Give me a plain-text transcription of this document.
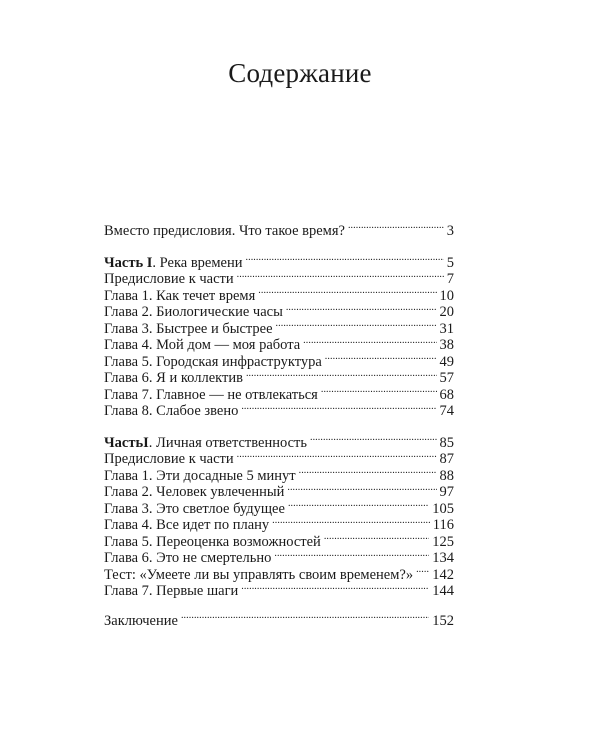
Содержание
Вместо предисловия. Что такое время? . . .	3
Часть I. Река времени . . .	5
Предисловие к части . . .	7
Глава 1. Как течет время . . .	10
Глава 2. Биологические часы . . .	20
Глава 3. Быстрее и быстрее . . .	31
Глава 4. Мой дом — моя работа . . .	38
Глава 5. Городская инфраструктура . . .	49
Глава 6. Я и коллектив . . .	57
Глава 7. Главное — не отвлекаться . . .	68
Глава 8. Слабое звено . . .	74
ЧастьI. Личная ответственность . . .	85
Предисловие к части . . .	87
Глава 1. Эти досадные 5 минут . . .	88
Глава 2. Человек увлеченный . . .	97
Глава 3. Это светлое будущее . . .	105
Глава 4. Все идет по плану . . .	116
Глава 5. Переоценка возможностей . . .	125
Глава 6. Это не смертельно . . .	134
Тест: «Умеете ли вы управлять своим временем?» . . . 142
Глава 7. Первые шаги . . .	144
Заключение . . .	152
